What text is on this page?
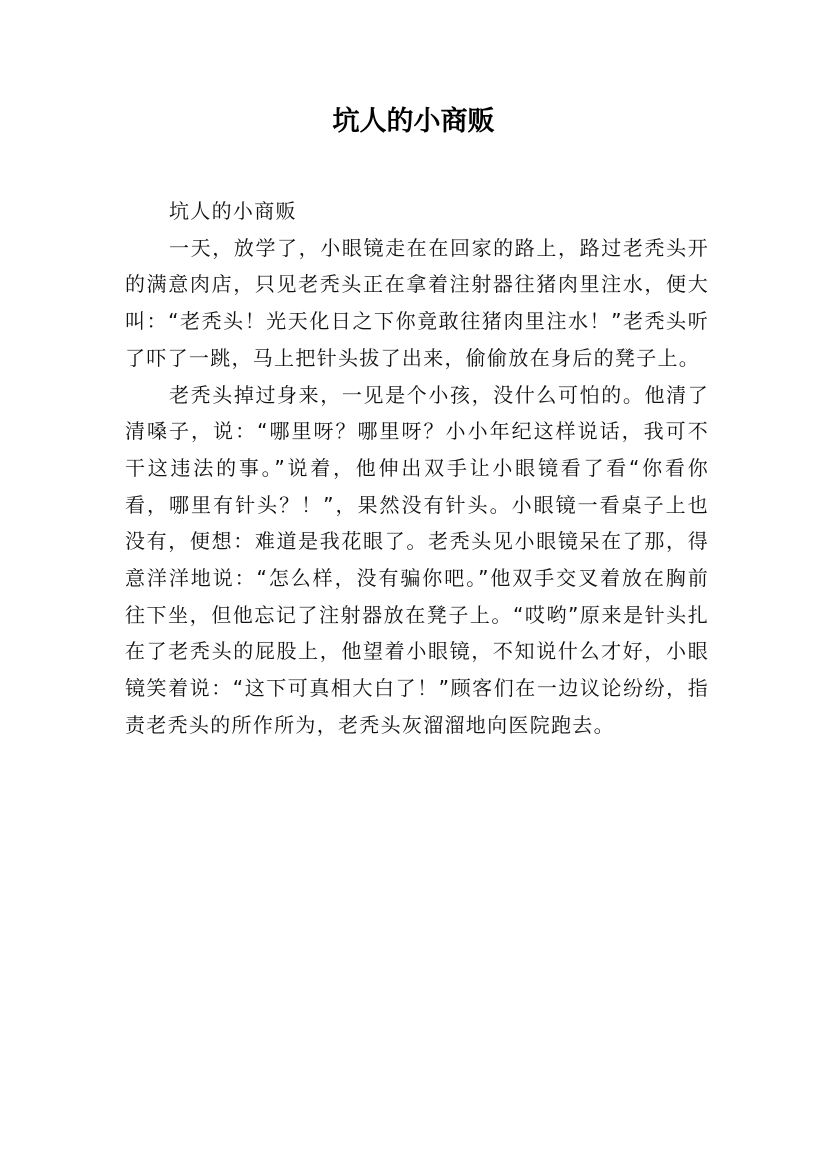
坑人的小商贩

坑人的小商贩

一天，放学了，小眼镜走在在回家的路上，路过老秃头开的满意肉店，只见老秃头正在拿着注射器往猪肉里注水，便大叫：“老秃头！光天化日之下你竟敢往猪肉里注水！”老秃头听了吓了一跳，马上把针头拔了出来，偷偷放在身后的凳子上。

老秃头掉过身来，一见是个小孩，没什么可怕的。他清了清嗓子，说：“哪里呀？哪里呀？小小年纪这样说话，我可不干这违法的事。”说着，他伸出双手让小眼镜看了看“你看你看，哪里有针头？！”，果然没有针头。小眼镜一看桌子上也没有，便想：难道是我花眼了。老秃头见小眼镜呆在了那，得意洋洋地说：“怎么样，没有骗你吧。”他双手交叉着放在胸前往下坐，但他忘记了注射器放在凳子上。“哎哟”原来是针头扎在了老秃头的屁股上，他望着小眼镜，不知说什么才好，小眼镜笑着说：“这下可真相大白了！”顾客们在一边议论纷纷，指责老秃头的所作所为，老秃头灰溜溜地向医院跑去。
